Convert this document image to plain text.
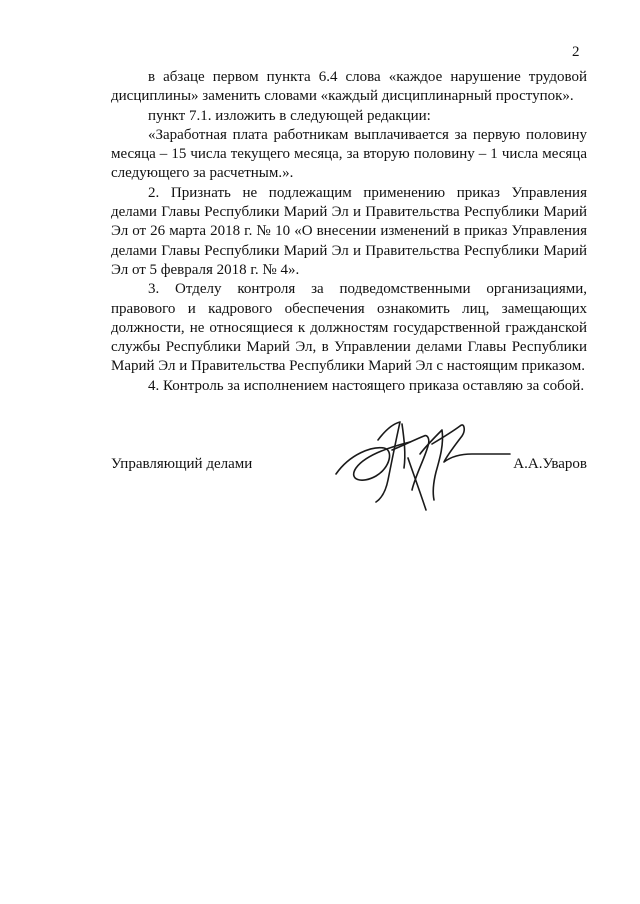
2

в абзаце первом пункта 6.4 слова «каждое нарушение трудовой дисциплины» заменить словами «каждый дисциплинарный проступок».

пункт 7.1. изложить в следующей редакции:

«Заработная плата работникам выплачивается за первую половину месяца – 15 числа текущего месяца, за вторую половину – 1 числа месяца следующего за расчетным.».

2. Признать не подлежащим применению приказ Управления делами Главы Республики Марий Эл и Правительства Республики Марий Эл от 26 марта 2018 г. № 10 «О внесении изменений в приказ Управления делами Главы Республики Марий Эл и Правительства Республики Марий Эл от 5 февраля 2018 г. № 4».

3. Отделу контроля за подведомственными организациями, правового и кадрового обеспечения ознакомить лиц, замещающих должности, не относящиеся к должностям государственной гражданской службы Республики Марий Эл, в Управлении делами Главы Республики Марий Эл и Правительства Республики Марий Эл с настоящим приказом.

4. Контроль за исполнением настоящего приказа оставляю за собой.

Управляющий делами	А.А.Уваров
